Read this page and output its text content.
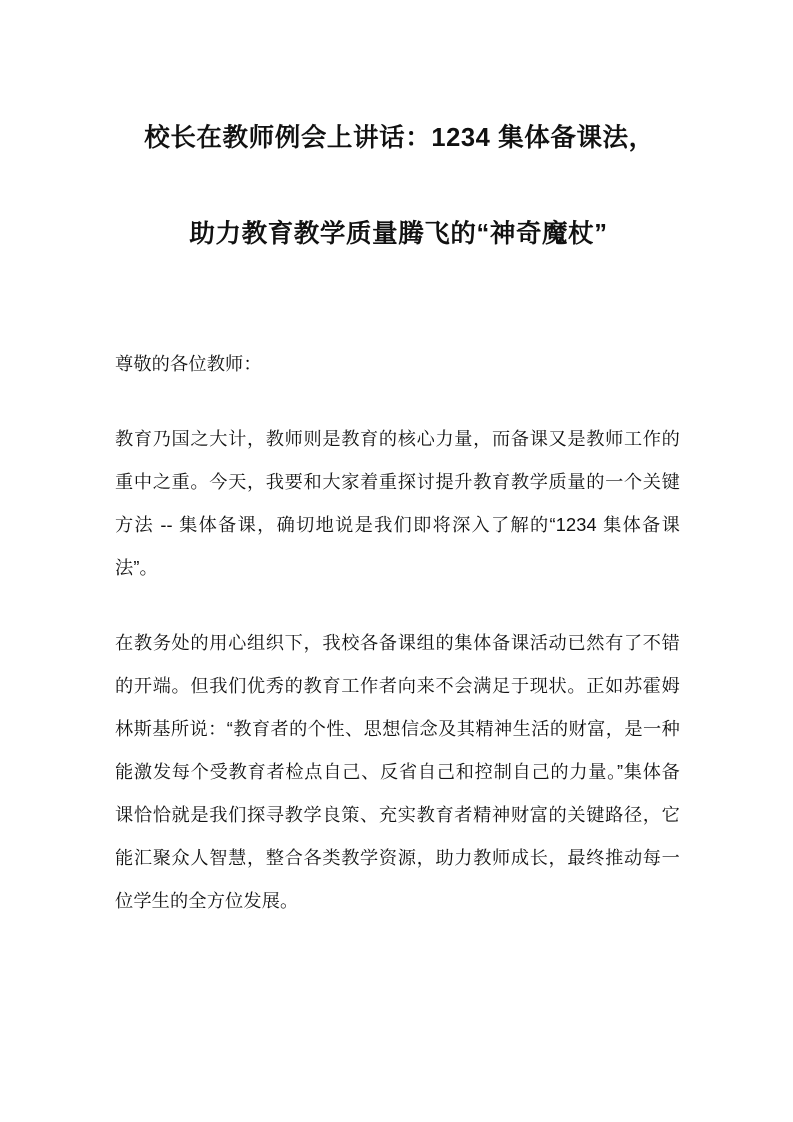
校长在教师例会上讲话：1234 集体备课法，
助力教育教学质量腾飞的“神奇魔杖”

尊敬的各位教师：

教育乃国之大计，教师则是教育的核心力量，而备课又是教师工作的重中之重。今天，我要和大家着重探讨提升教育教学质量的一个关键方法 -- 集体备课，确切地说是我们即将深入了解的“1234 集体备课法”。

在教务处的用心组织下，我校各备课组的集体备课活动已然有了不错的开端。但我们优秀的教育工作者向来不会满足于现状。正如苏霍姆林斯基所说：“教育者的个性、思想信念及其精神生活的财富，是一种能激发每个受教育者检点自己、反省自己和控制自己的力量。”集体备课恰恰就是我们探寻教学良策、充实教育者精神财富的关键路径，它能汇聚众人智慧，整合各类教学资源，助力教师成长，最终推动每一位学生的全方位发展。
